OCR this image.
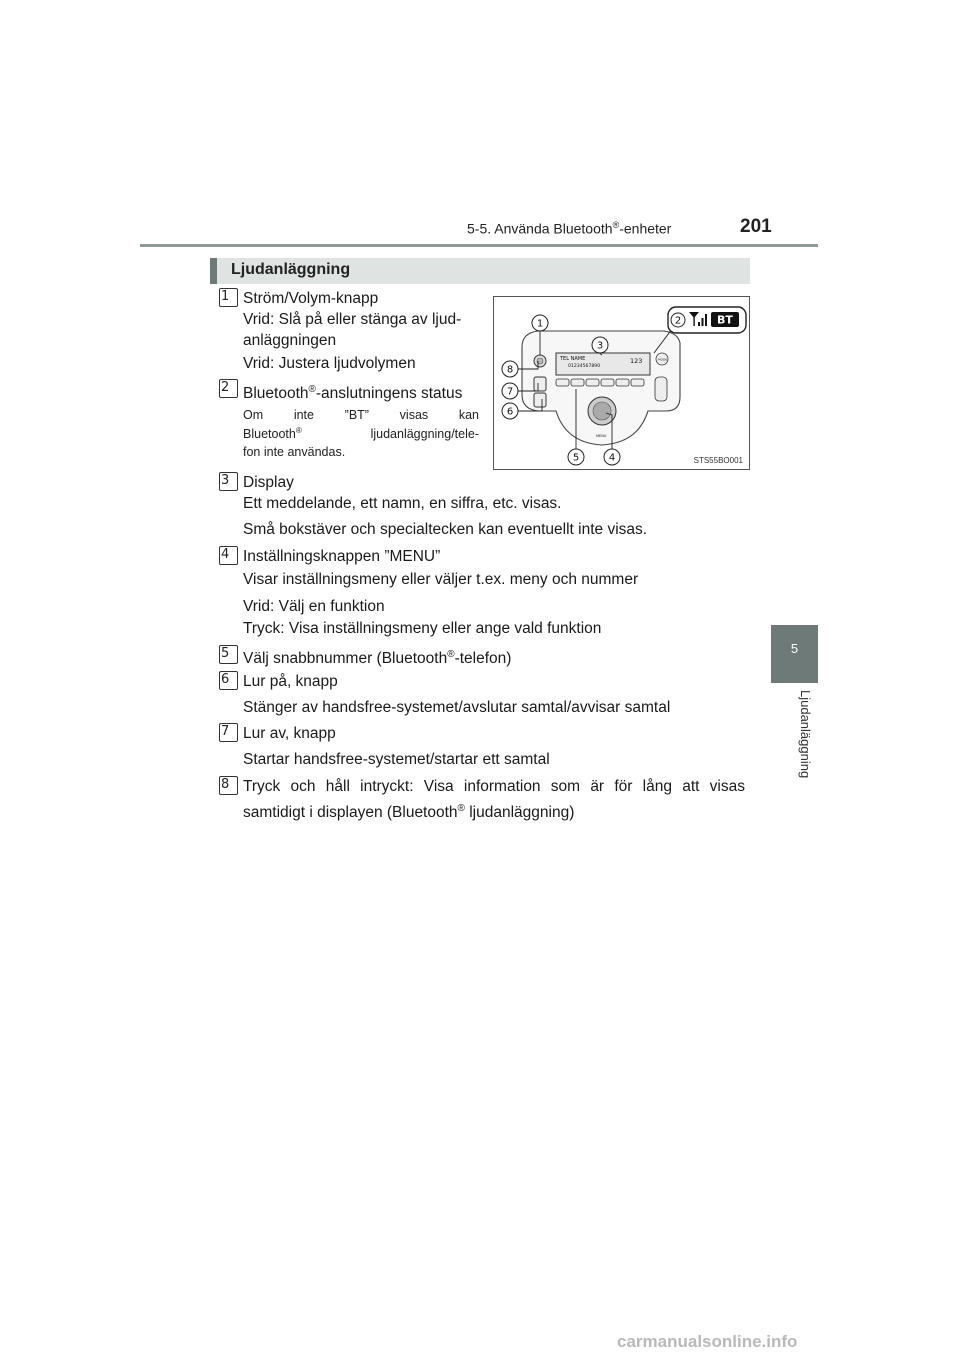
5-5. Använda Bluetooth®-enheter	201
5
Ljudanläggning
Ljudanläggning
1 Ström/Volym-knapp
Vrid: Slå på eller stänga av ljud-
anläggningen
Vrid: Justera ljudvolymen
2 Bluetooth®-anslutningens status
Om inte ”BT” visas kan
Bluetooth® ljudanläggning/tele-
fon inte användas.
TEL NAME
01234567890
123	MODE
MENU
1
3
8
7
6
5	4
2	BT
STS55BO001
3 Display
Ett meddelande, ett namn, en siffra, etc. visas.
Små bokstäver och specialtecken kan eventuellt inte visas.
4 Inställningsknappen ”MENU”
Visar inställningsmeny eller väljer t.ex. meny och nummer
Vrid: Välj en funktion
Tryck: Visa inställningsmeny eller ange vald funktion
5 Välj snabbnummer (Bluetooth®-telefon)
6 Lur på, knapp
Stänger av handsfree-systemet/avslutar samtal/avvisar samtal
7 Lur av, knapp
Startar handsfree-systemet/startar ett samtal
8 Tryck och håll intryckt: Visa information som är för lång att visas
samtidigt i displayen (Bluetooth® ljudanläggning)
carmanualsonline.info
